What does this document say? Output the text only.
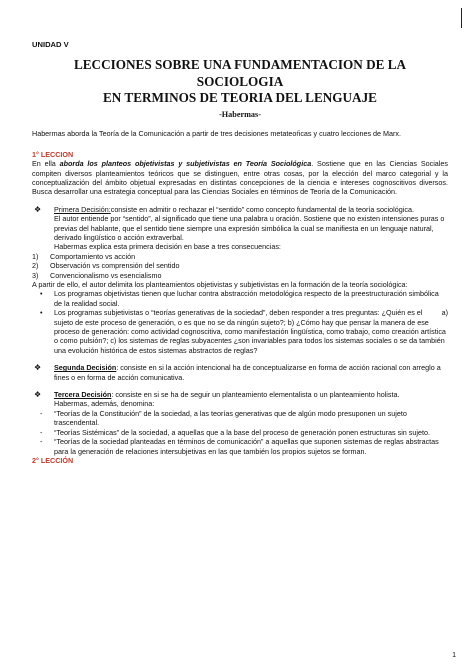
UNIDAD V
LECCIONES SOBRE UNA FUNDAMENTACION DE LA SOCIOLOGIA
EN TERMINOS DE TEORIA DEL LENGUAJE
-Habermas-

Habermas aborda la Teoría de la Comunicación a partir de tres decisiones metateoŕicas y cuatro lecciones de Marx.

1° LECCION

En ella aborda los planteos objetivistas y subjetivistas en Teoría Sociológica. Sostiene que en las Ciencias Sociales compiten diversos planteamientos teóricos que se distinguen, entre otras cosas, por la elección del marco categorial y la conceptualización del ámbito objetual expresadas en distintas concepciones de la ciencia e intereses cognoscitivos diversos. Busca desarrollar una estrategia conceptual para las Ciencias Sociales en términos de Teoría de la Comunicación.

❖ Primera Decisión:consiste en admitir o rechazar el “sentido” como concepto fundamental de la teoría sociológica.

El autor entiende por “sentido”, al significado que tiene una palabra u oración. Sostiene que no existen intensiones puras o previas del hablante, que el sentido tiene siempre una expresión simbólica la cual se manifiesta en un lenguaje natural, derivado lingüístico o acción extraverbal.

Habermas explica esta primera decisión en base a tres consecuencias:

1)	Comportamiento vs acción
2)	Observación vs comprensión del sentido
3)	Convencionalismo vs esencialismo

A partir de ello, el autor delimita los planteamientos objetivistas y subjetivistas en la formación de la teoría sociológica:

• Los programas objetivistas tienen que luchar contra abstracción metodológica respecto de la preestructuración simbólica de la realidad social.
• Los programas subjetivistas o “teorías generativas de la sociedad”, deben responder a tres preguntas:	a)
¿Quién es el sujeto de este proceso de generación, o es que no se da ningún sujeto?; b) ¿Cómo hay que pensar la manera de ese proceso de generación: como actividad cognoscitiva, como manifestación lingüística, como trabajo, como creación artística o como pulsión?; c) los sistemas de reglas subyacentes ¿son invariables para todos los sistemas sociales o se da también una evolución histórica de estos sistemas abstractos de reglas?
❖ Segunda Decisión: consiste en si la acción intencional ha de conceptualizarse en forma de acción racional con arreglo a fines o en forma de acción comunicativa.
❖ Tercera Decisión: consiste en si se ha de seguir un planteamiento elementalista o un planteamiento holista.

Habermas, además, denomina:

- “Teorías de la Constitución” de la sociedad, a las teorías generativas que de algún modo presuponen un sujeto trascendental.
- “Teorías Sistémicas” de la sociedad, a aquellas que a la base del proceso de generación ponen estructuras sin sujeto.
- “Teorías de la sociedad planteadas en términos de comunicación” a aquellas que suponen sistemas de reglas abstractas para la generación de relaciones intersubjetivas en las que también los propios sujetos se forman.
2° LECCIÓN
1
